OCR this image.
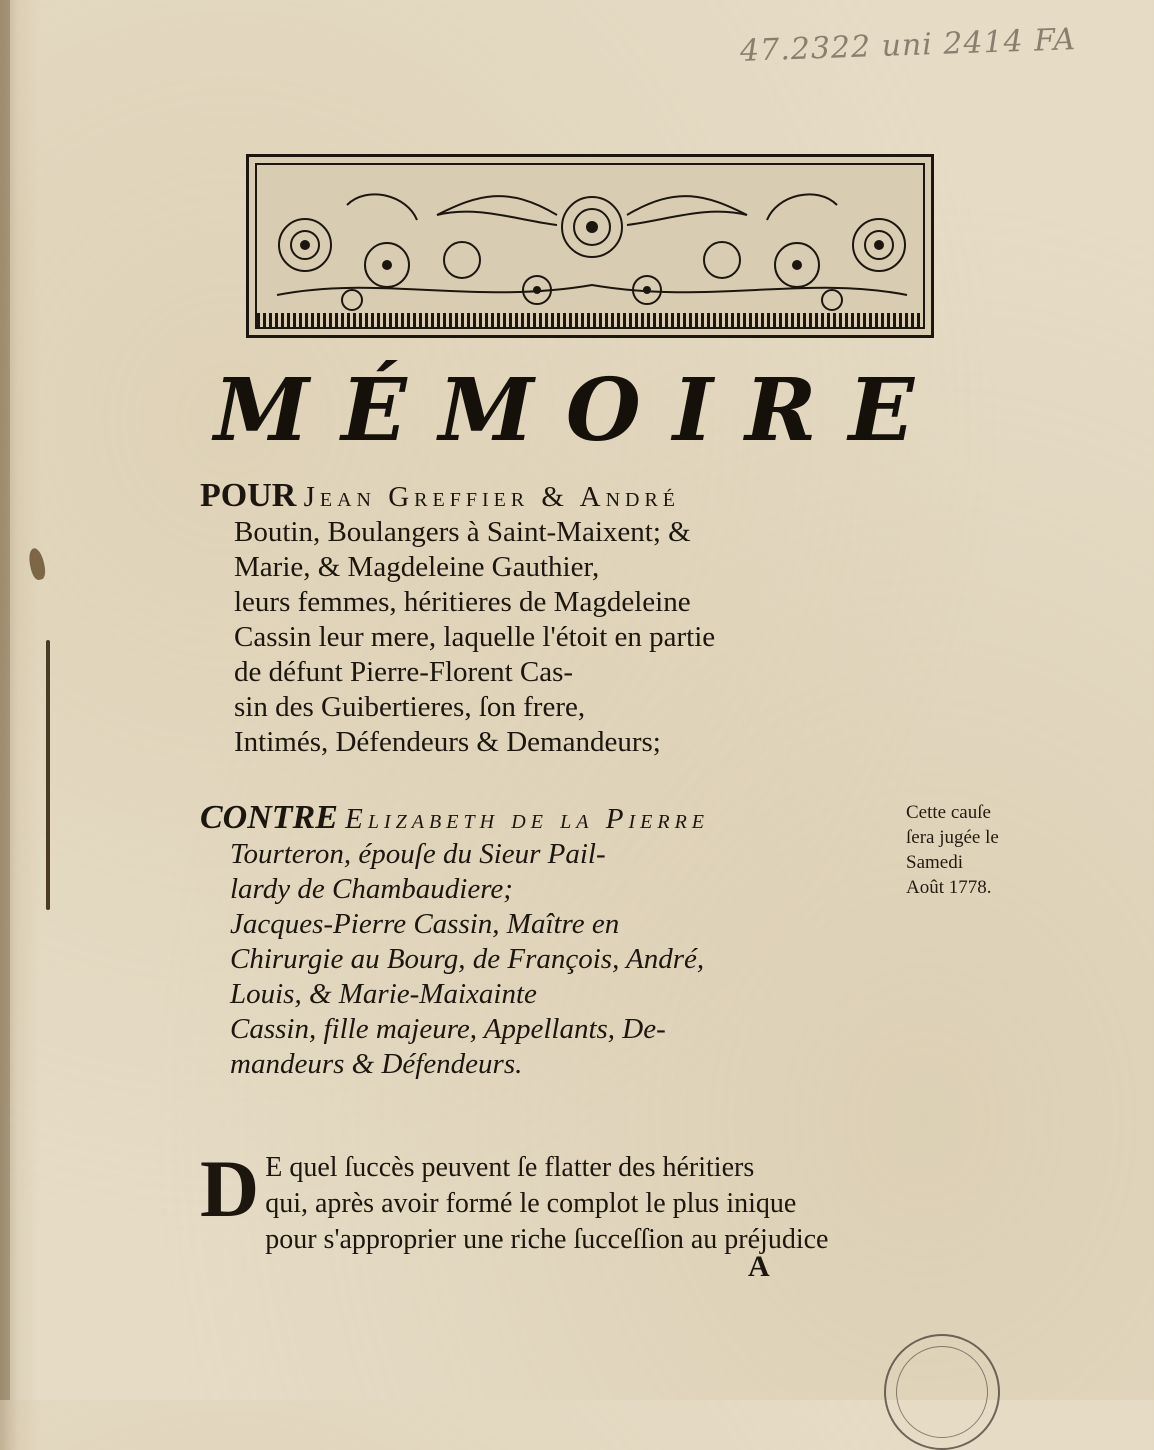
47.2322 uni 2414 FA
MÉMOIRE
POUR Jean Greffier & André
Boutin, Boulangers à Saint-Maixent; &
Marie, & Magdeleine Gauthier,
leurs femmes, héritieres de Magdeleine
Cassin leur mere, laquelle l'étoit en partie
de défunt Pierre-Florent Cas-
sin des Guibertieres, ſon frere,
Intimés, Défendeurs & Demandeurs;
CONTRE Elizabeth de la Pierre
Tourteron, épouſe du Sieur Pail-
lardy de Chambaudiere;
Jacques-Pierre Cassin, Maître en
Chirurgie au Bourg, de François, André,
Louis, & Marie-Maixainte
Cassin, fille majeure, Appellants, De-
mandeurs & Défendeurs.
Cette cauſe
ſera jugée le
Samedi
Août 1778.
D E quel ſuccès peuvent ſe flatter des héritiers
qui, après avoir formé le complot le plus inique
pour s'approprier une riche ſucceſſion au préjudice
A
